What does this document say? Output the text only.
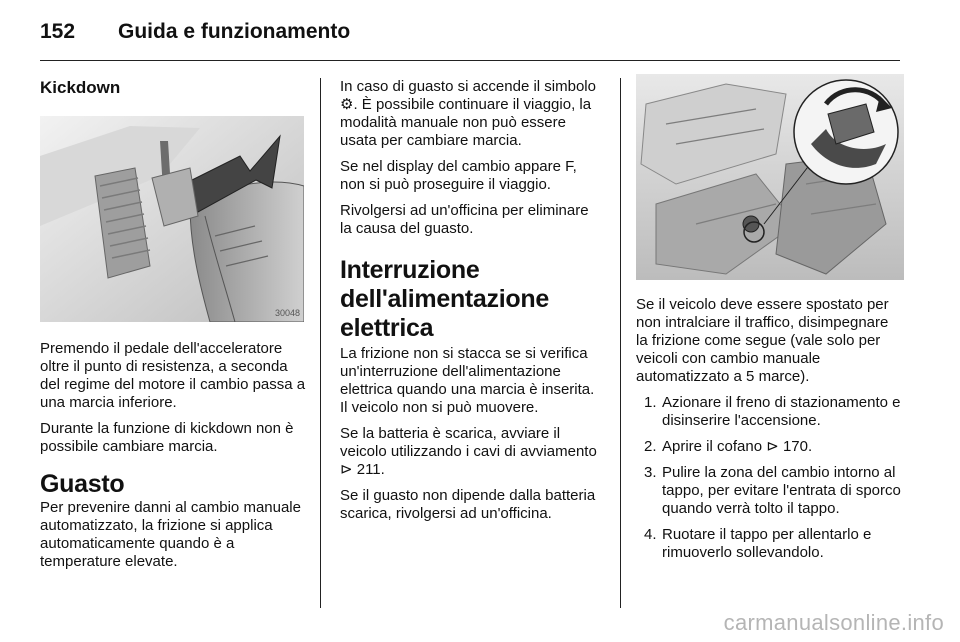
152 Guida e funzionamento
Kickdown
30048
Premendo il pedale dell'acceleratore oltre il punto di resistenza, a seconda del regime del motore il cambio passa a una marcia inferiore.
Durante la funzione di kickdown non è possibile cambiare marcia.
Guasto
Per prevenire danni al cambio manuale automatizzato, la frizione si applica automaticamente quando è a temperature elevate.
In caso di guasto si accende il simbolo ⚙. È possibile continuare il viaggio, la modalità manuale non può essere usata per cambiare marcia.
Se nel display del cambio appare F, non si può proseguire il viaggio.
Rivolgersi ad un'officina per eliminare la causa del guasto.
Interruzione
dell'alimentazione elettrica
La frizione non si stacca se si verifica un'interruzione dell'alimentazione elettrica quando una marcia è inserita. Il veicolo non si può muovere.
Se la batteria è scarica, avviare il veicolo utilizzando i cavi di avviamento ⊳ 211.
Se il guasto non dipende dalla batteria scarica, rivolgersi ad un'officina.
Se il veicolo deve essere spostato per non intralciare il traffico, disimpegnare la frizione come segue (vale solo per veicoli con cambio manuale automatizzato a 5 marce).
1. Azionare il freno di stazionamento e disinserire l'accensione.
2. Aprire il cofano ⊳ 170.
3. Pulire la zona del cambio intorno al tappo, per evitare l'entrata di sporco quando verrà tolto il tappo.
4. Ruotare il tappo per allentarlo e rimuoverlo sollevandolo.
carmanualsonline.info
